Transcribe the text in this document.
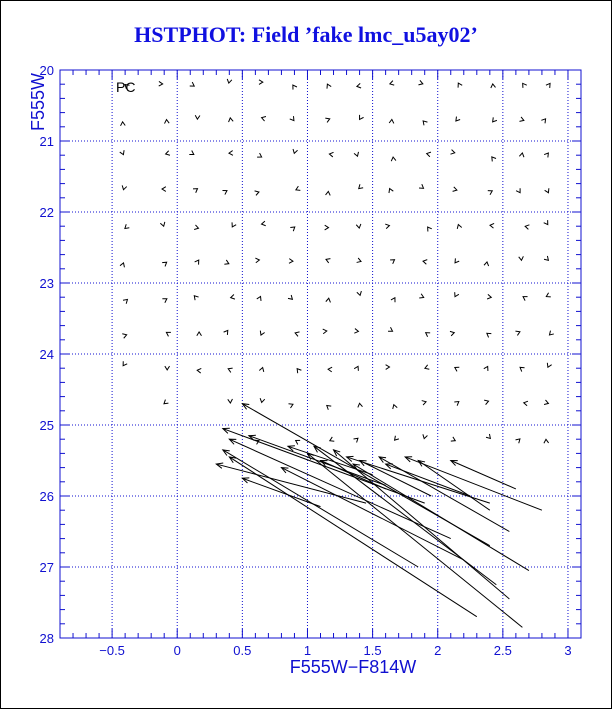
HSTPHOT: Field ’fake lmc_u5ay02’
−0.5	0	0.5	1	1.5	2	2.5	3
20
21
22
23
24
25
26
27
28
PC
F555W−F814W
F555W
